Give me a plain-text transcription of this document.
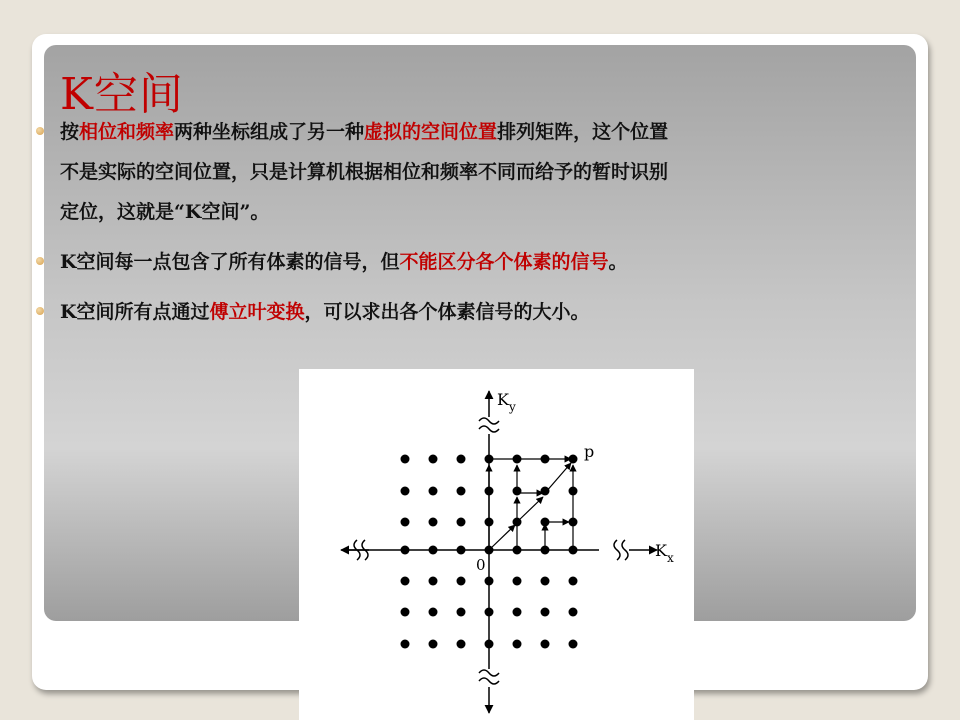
K空间
按相位和频率两种坐标组成了另一种虚拟的空间位置排列矩阵，这个位置
不是实际的空间位置，只是计算机根据相位和频率不同而给予的暂时识别
定位，这就是“K空间”。
K空间每一点包含了所有体素的信号，但不能区分各个体素的信号。
K空间所有点通过傅立叶变换，可以求出各个体素信号的大小。
K y
K x
0
p
